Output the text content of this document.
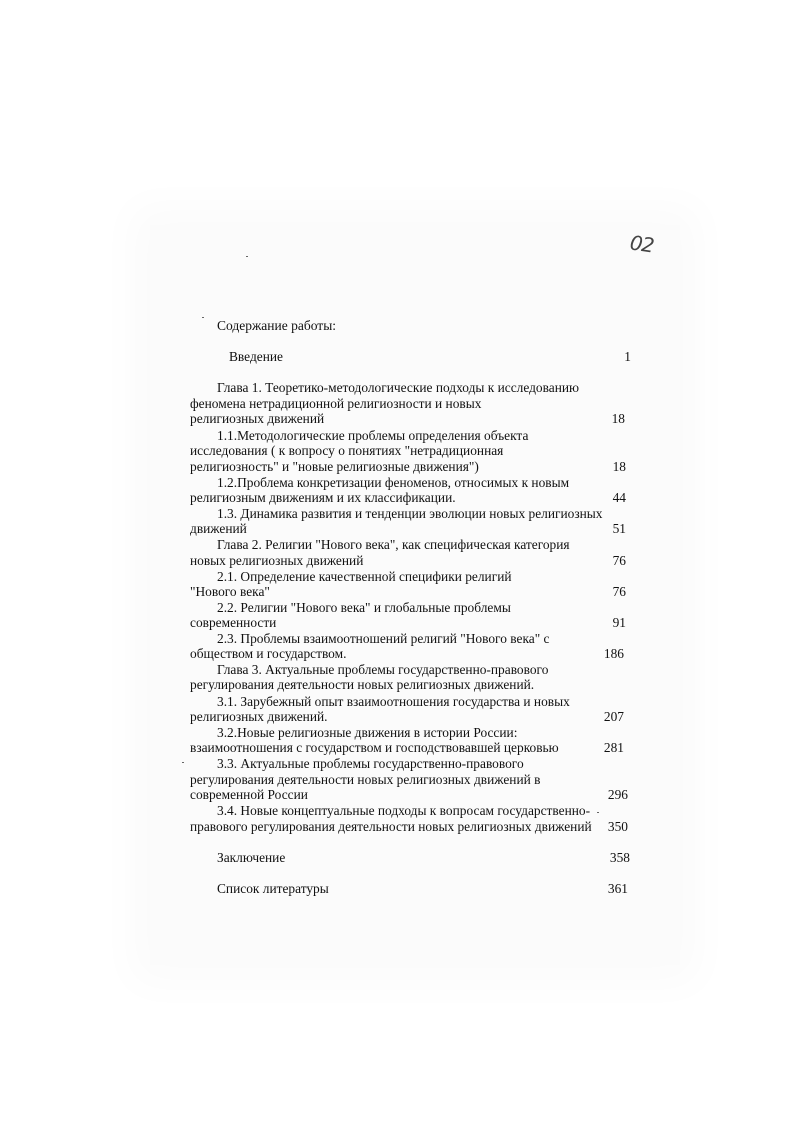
02
Содержание работы:
Введение	1
Глава 1. Теоретико-методологические подходы к исследованию
феномена нетрадиционной религиозности и новых
религиозных движений	18
1.1.Методологические проблемы определения объекта
исследования ( к вопросу о понятиях "нетрадиционная
религиозность" и "новые религиозные движения")	18
1.2.Проблема конкретизации феноменов, относимых к новым
религиозным движениям и их классификации.	44
1.3. Динамика развития и тенденции эволюции новых религиозных
движений	51
Глава 2. Религии "Нового века", как специфическая категория
новых религиозных движений	76
2.1. Определение качественной специфики религий
"Нового века"	76
2.2. Религии "Нового века" и глобальные проблемы
современности	91
2.3. Проблемы взаимоотношений религий "Нового века" с
обществом и государством.	186
Глава 3. Актуальные проблемы государственно-правового
регулирования деятельности новых религиозных движений.
3.1. Зарубежный опыт взаимоотношения государства и новых
религиозных движений.	207
3.2.Новые религиозные движения в истории России:
взаимоотношения с государством и господствовавшей церковью	281
3.3. Актуальные проблемы государственно-правового
регулирования деятельности новых религиозных движений в
современной России	296
3.4. Новые концептуальные подходы к вопросам государственно-
правового регулирования деятельности новых религиозных движений	350
Заключение	358
Список литературы	361
